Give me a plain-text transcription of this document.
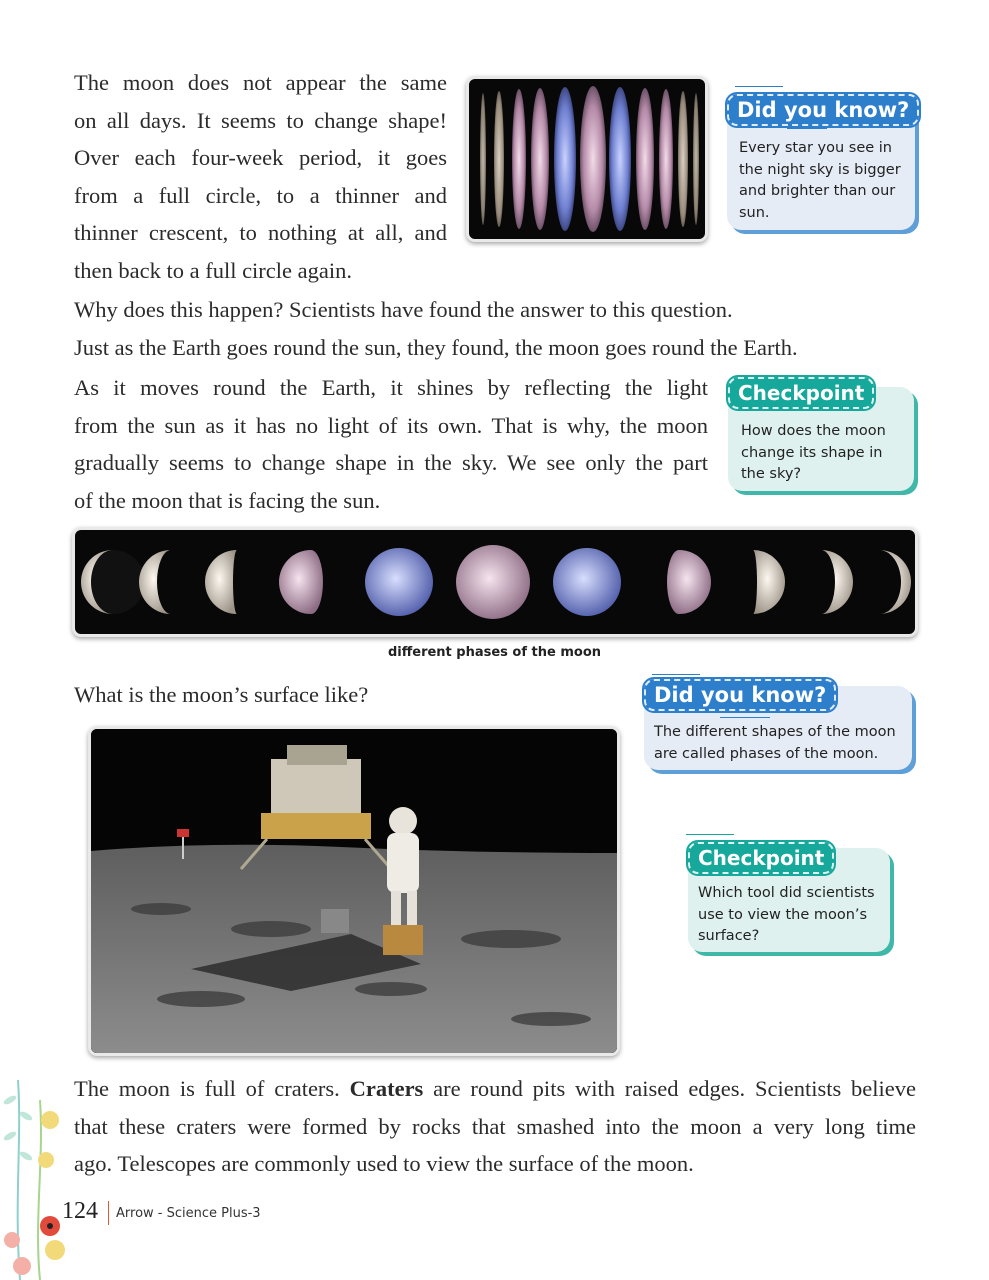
The moon does not appear the same
on all days. It seems to change shape!
Over each four-week period, it goes
from a full circle, to a thinner and
thinner crescent, to nothing at all, and
then back to a full circle again.
Did you know?
Every star you see in the night sky is bigger and brighter than our sun.
Why does this happen? Scientists have found the answer to this question.
Just as the Earth goes round the sun, they found, the moon goes round the Earth.
As it moves round the Earth, it shines by reflecting the light
from the sun as it has no light of its own. That is why, the moon
gradually seems to change shape in the sky. We see only the part
of the moon that is facing the sun.
Checkpoint
How does the moon change its shape in the sky?
different phases of the moon
What is the moon’s surface like?	Did you know?
The different shapes of the moon are called phases of the moon.
Checkpoint
Which tool did scientists use to view the moon’s surface?
The moon is full of craters. Craters are round pits with raised edges. Scientists believe
that these craters were formed by rocks that smashed into the moon a very long time
ago. Telescopes are commonly used to view the surface of the moon.
124 Arrow - Science Plus-3
